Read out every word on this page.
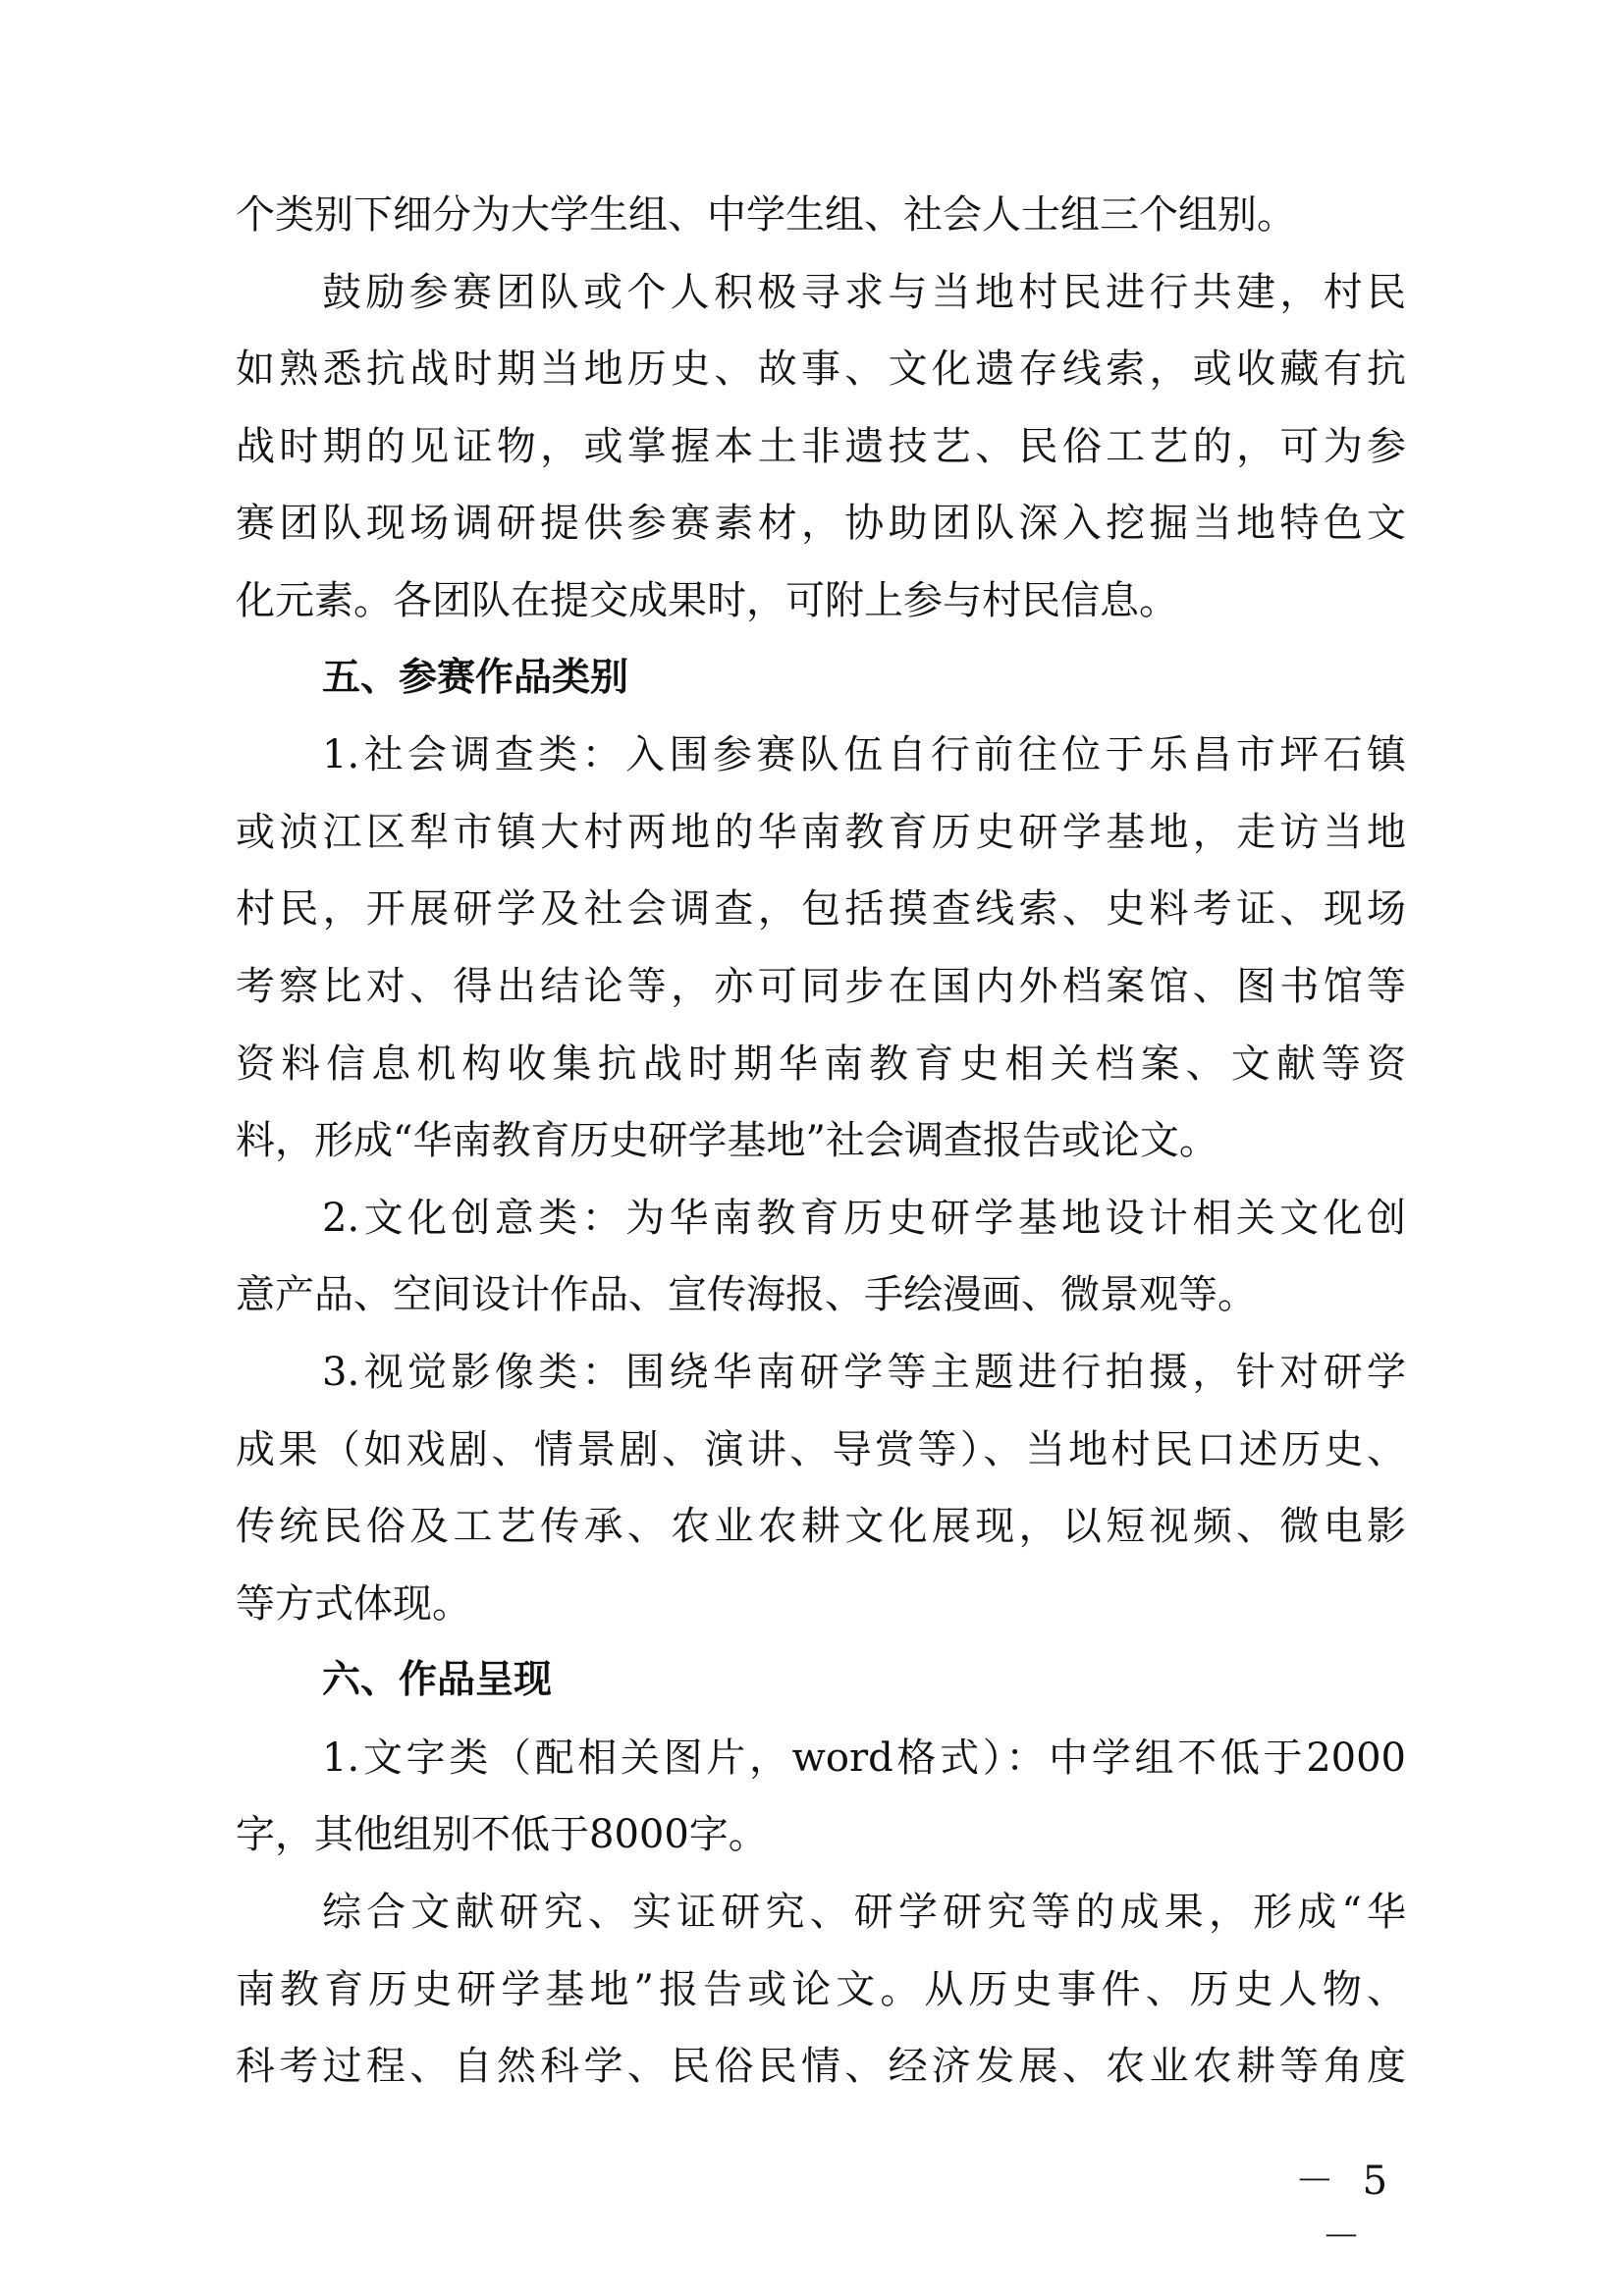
个类别下细分为大学生组、中学生组、社会人士组三个组别。
鼓励参赛团队或个人积极寻求与当地村民进行共建，村民
如熟悉抗战时期当地历史、故事、文化遗存线索，或收藏有抗
战时期的见证物，或掌握本土非遗技艺、民俗工艺的，可为参
赛团队现场调研提供参赛素材，协助团队深入挖掘当地特色文
化元素。各团队在提交成果时，可附上参与村民信息。
五、参赛作品类别
1.社会调查类：入围参赛队伍自行前往位于乐昌市坪石镇
或浈江区犁市镇大村两地的华南教育历史研学基地，走访当地
村民，开展研学及社会调查，包括摸查线索、史料考证、现场
考察比对、得出结论等，亦可同步在国内外档案馆、图书馆等
资料信息机构收集抗战时期华南教育史相关档案、文献等资
料，形成“华南教育历史研学基地”社会调查报告或论文。
2.文化创意类：为华南教育历史研学基地设计相关文化创
意产品、空间设计作品、宣传海报、手绘漫画、微景观等。
3.视觉影像类：围绕华南研学等主题进行拍摄，针对研学
成果（如戏剧、情景剧、演讲、导赏等）、当地村民口述历史、
传统民俗及工艺传承、农业农耕文化展现，以短视频、微电影
等方式体现。
六、作品呈现
1.文字类（配相关图片，word格式）：中学组不低于2000
字，其他组别不低于8000字。
综合文献研究、实证研究、研学研究等的成果，形成“华
南教育历史研学基地”报告或论文。从历史事件、历史人物、
科考过程、自然科学、民俗民情、经济发展、农业农耕等角度
－ 5 －
